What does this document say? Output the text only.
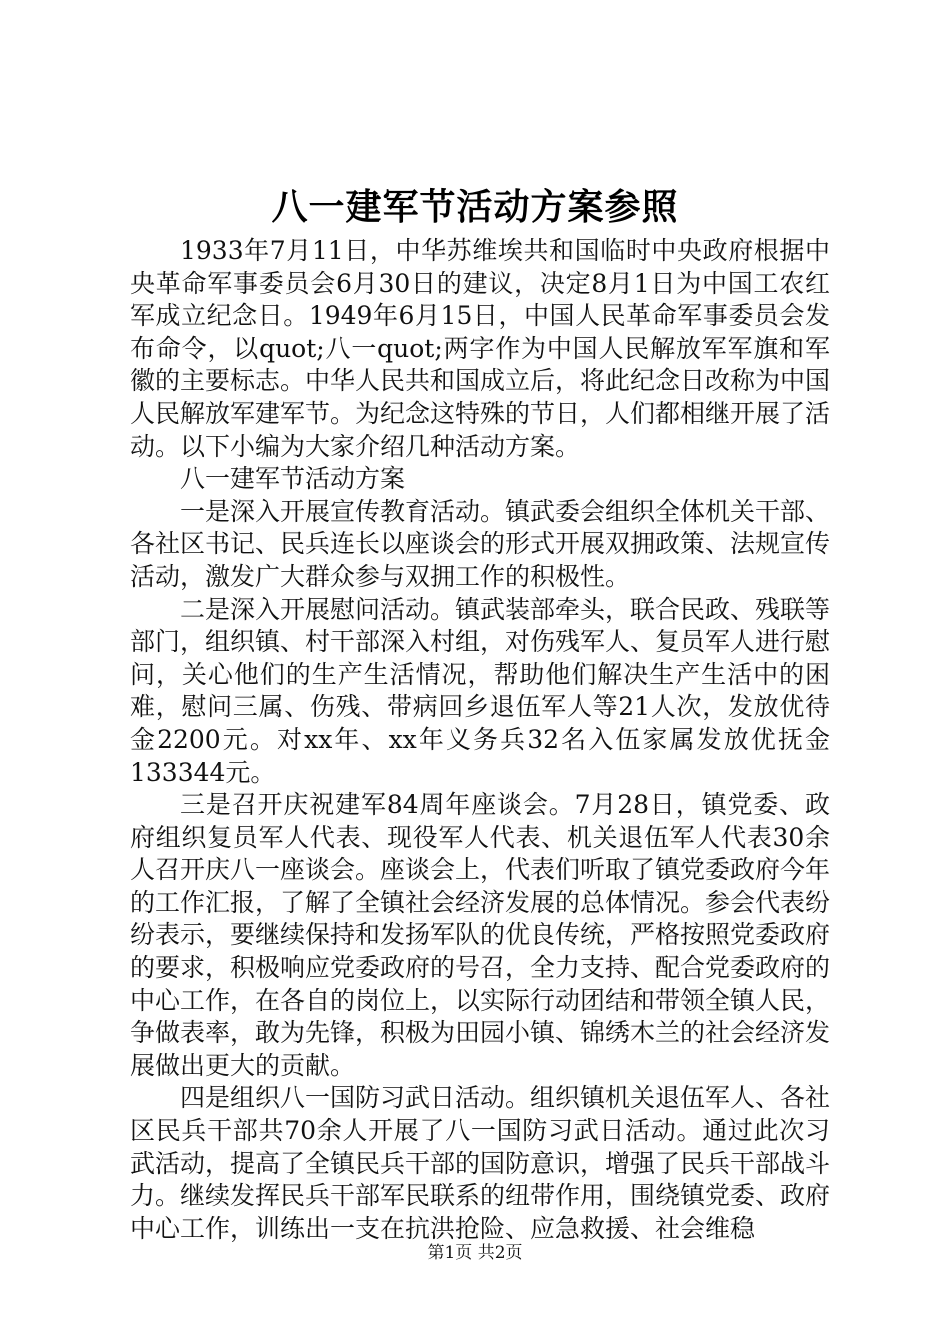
八一建军节活动方案参照

1933年7月11日，中华苏维埃共和国临时中央政府根据中央革命军事委员会6月30日的建议，决定8月1日为中国工农红军成立纪念日。1949年6月15日，中国人民革命军事委员会发布命令，以quot;八一quot;两字作为中国人民解放军军旗和军徽的主要标志。中华人民共和国成立后，将此纪念日改称为中国人民解放军建军节。为纪念这特殊的节日，人们都相继开展了活动。以下小编为大家介绍几种活动方案。

八一建军节活动方案

一是深入开展宣传教育活动。镇武委会组织全体机关干部、各社区书记、民兵连长以座谈会的形式开展双拥政策、法规宣传活动，激发广大群众参与双拥工作的积极性。

二是深入开展慰问活动。镇武装部牵头，联合民政、残联等部门，组织镇、村干部深入村组，对伤残军人、复员军人进行慰问，关心他们的生产生活情况，帮助他们解决生产生活中的困难，慰问三属、伤残、带病回乡退伍军人等21人次，发放优待金2200元。对xx年、xx年义务兵32名入伍家属发放优抚金133344元。

三是召开庆祝建军84周年座谈会。7月28日，镇党委、政府组织复员军人代表、现役军人代表、机关退伍军人代表30余人召开庆八一座谈会。座谈会上，代表们听取了镇党委政府今年的工作汇报，了解了全镇社会经济发展的总体情况。参会代表纷纷表示，要继续保持和发扬军队的优良传统，严格按照党委政府的要求，积极响应党委政府的号召，全力支持、配合党委政府的中心工作，在各自的岗位上，以实际行动团结和带领全镇人民，争做表率，敢为先锋，积极为田园小镇、锦绣木兰的社会经济发展做出更大的贡献。

四是组织八一国防习武日活动。组织镇机关退伍军人、各社区民兵干部共70余人开展了八一国防习武日活动。通过此次习武活动，提高了全镇民兵干部的国防意识，增强了民兵干部战斗力。继续发挥民兵干部军民联系的纽带作用，围绕镇党委、政府中心工作，训练出一支在抗洪抢险、应急救援、社会维稳

第1页 共2页
